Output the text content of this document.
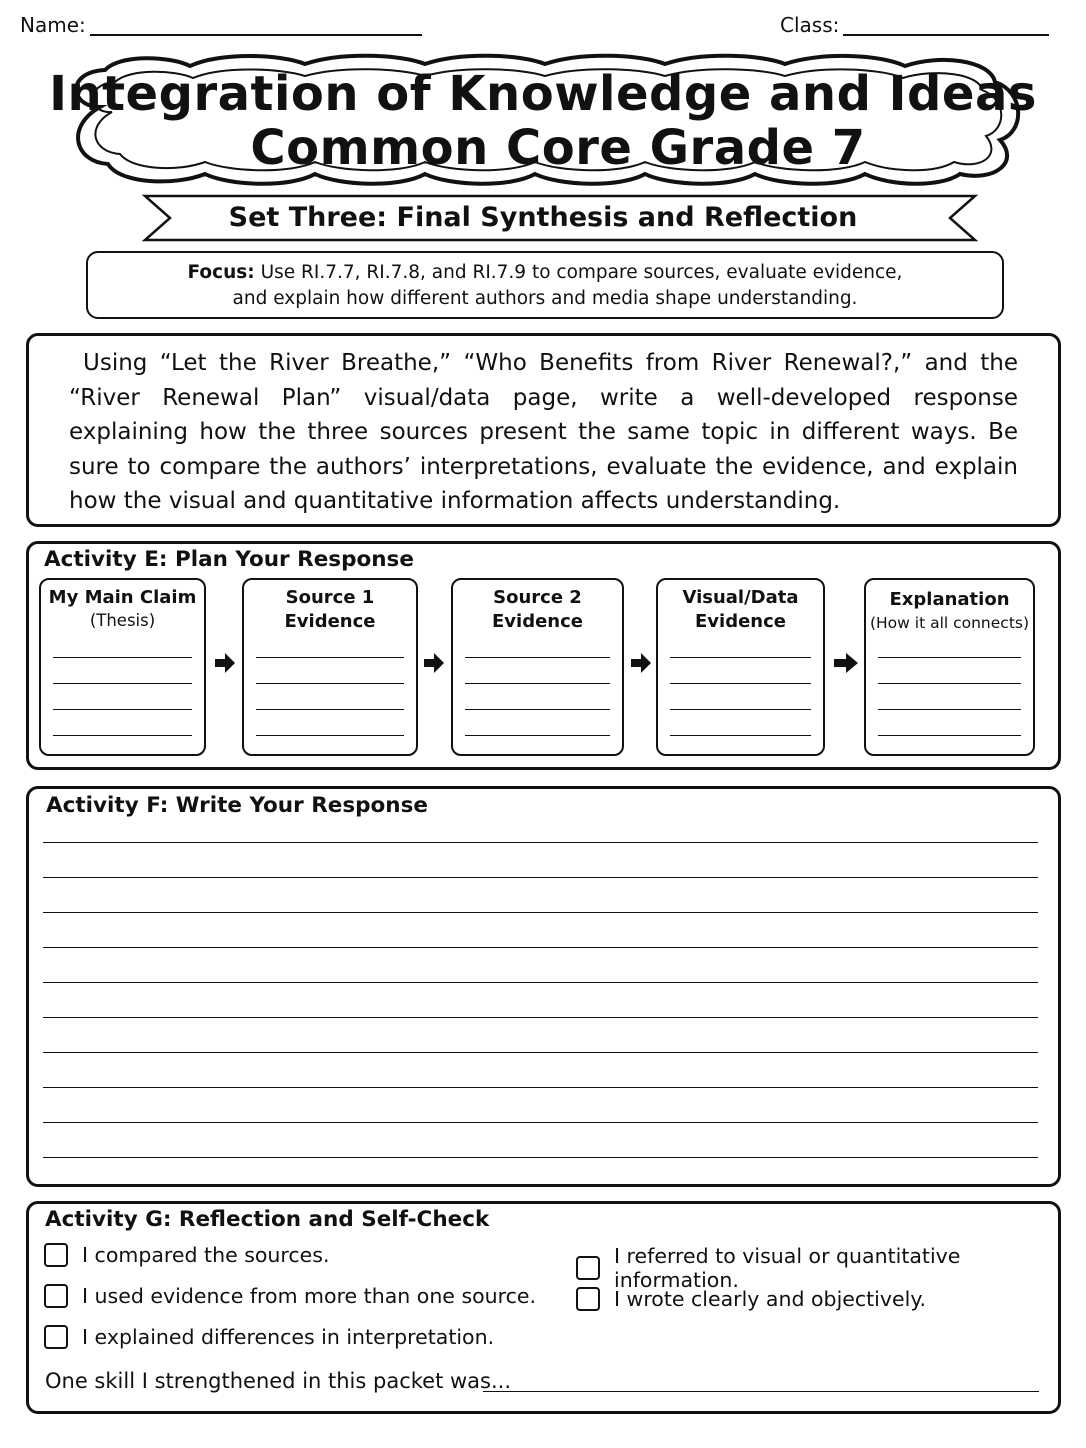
Name:	Class:
Integration of Knowledge and Ideas
Common Core Grade 7
Set Three: Final Synthesis and Reflection
Focus: Use RI.7.7, RI.7.8, and RI.7.9 to compare sources, evaluate evidence,
and explain how different authors and media shape understanding.

Using “Let the River Breathe,” “Who Benefits from River Renewal?,” and the “River Renewal Plan” visual/data page, write a well-developed response explaining how the three sources present the same topic in different ways. Be sure to compare the authors’ interpretations, evaluate the evidence, and explain how the visual and quantitative information affects understanding.

Activity E: Plan Your Response
My Main Claim
(Thesis)
Source 1
Evidence
Source 2
Evidence
Visual/Data
Evidence
Explanation
(How it all connects)
Activity F: Write Your Response
Activity G: Reflection and Self-Check
I compared the sources.
I used evidence from more than one source.
I explained differences in interpretation.
I referred to visual or quantitative information.
I wrote clearly and objectively.
One skill I strengthened in this packet was...
